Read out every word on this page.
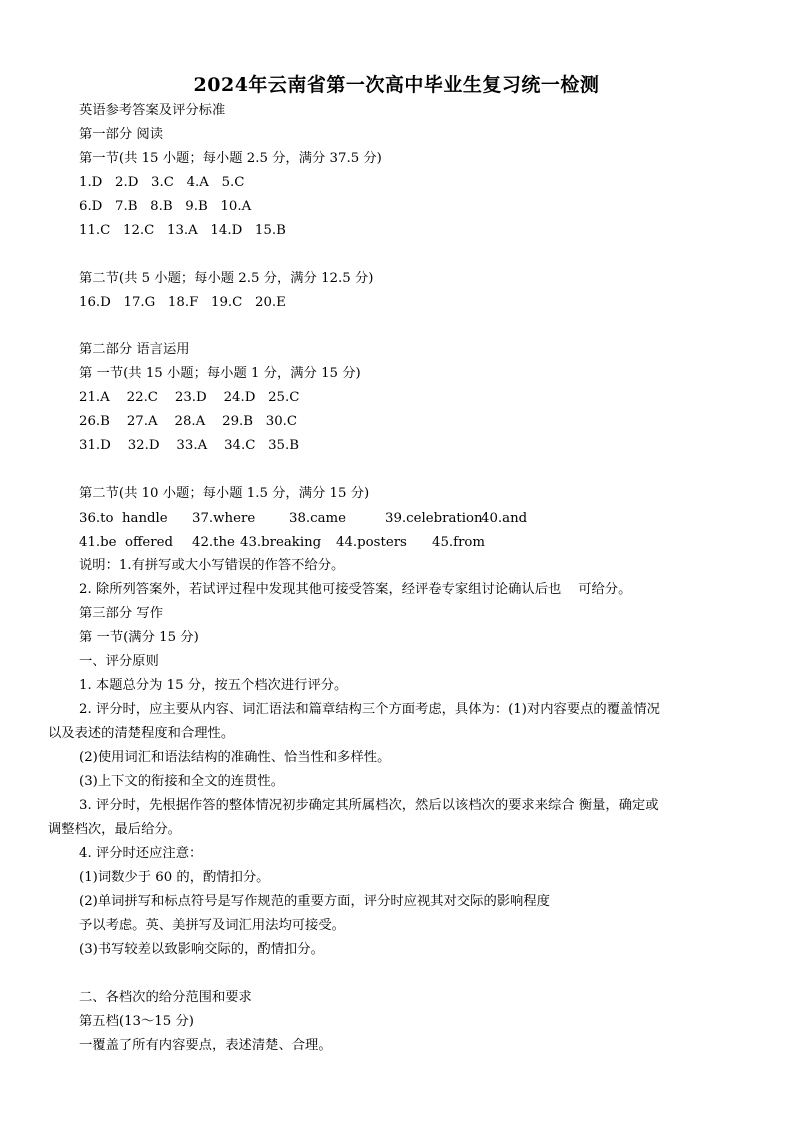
2024年云南省第一次高中毕业生复习统一检测
英语参考答案及评分标准
第一部分 阅读
第一节(共 15 小题；每小题 2.5 分，满分 37.5 分)
1.D   2.D   3.C   4.A   5.C
6.D   7.B   8.B   9.B   10.A
11.C   12.C   13.A   14.D   15.B
第二节(共 5 小题；每小题 2.5 分，满分 12.5 分)
16.D   17.G   18.F   19.C   20.E
第二部分 语言运用
第 一节(共 15 小题；每小题 1 分，满分 15 分)
21.A    22.C    23.D    24.D   25.C
26.B    27.A    28.A    29.B   30.C
31.D    32.D    33.A    34.C   35.B
第二节(共 10 小题；每小题 1.5 分，满分 15 分)
36.to  handle 37.where	38.came	39.celebration
40.and
41.be  offered 42.the 43.breaking 44.posters 45.from
说明：1.有拼写或大小写错误的作答不给分。
2. 除所列答案外，若试评过程中发现其他可接受答案，经评卷专家组讨论确认后也    可给分。
第三部分 写作
第 一节(满分 15 分)
一、评分原则
1. 本题总分为 15 分，按五个档次进行评分。
2. 评分时，应主要从内容、词汇语法和篇章结构三个方面考虑，具体为：(1)对内容要点的覆盖情况
以及表述的清楚程度和合理性。
(2)使用词汇和语法结构的准确性、恰当性和多样性。
(3)上下文的衔接和全文的连贯性。
3. 评分时，先根据作答的整体情况初步确定其所属档次，然后以该档次的要求来综合 衡量，确定或
调整档次，最后给分。
4. 评分时还应注意：
(1)词数少于 60 的，酌情扣分。
(2)单词拼写和标点符号是写作规范的重要方面，评分时应视其对交际的影响程度
予以考虑。英、美拼写及词汇用法均可接受。
(3)书写较差以致影响交际的，酌情扣分。
二、各档次的给分范围和要求
第五档(13～15 分)
一覆盖了所有内容要点，表述清楚、合理。
